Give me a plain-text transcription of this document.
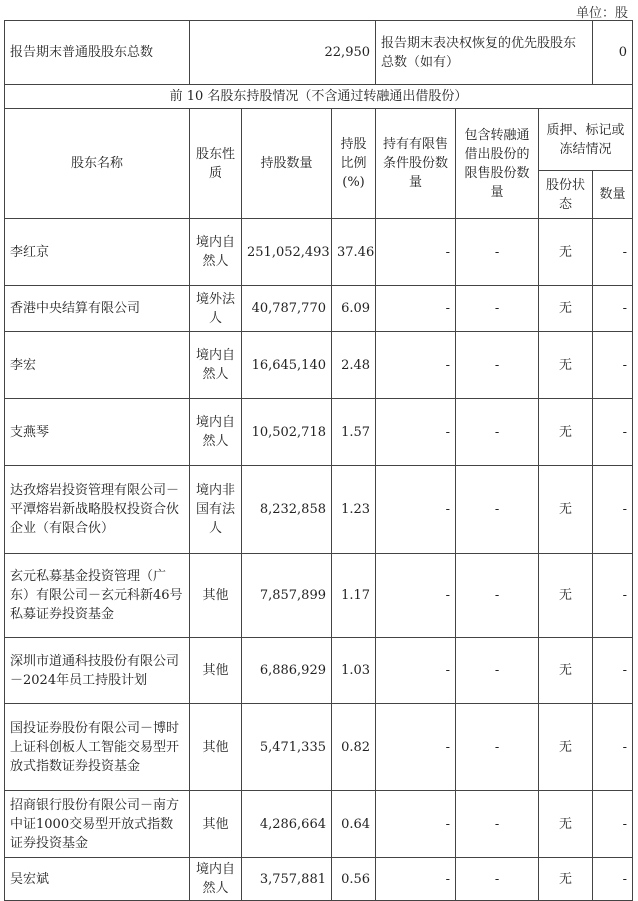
单位：股
报告期末普通股股东总数	22,950			报告期末表决权恢复的优先股股东总数（如有）			0
前 10 名股东持股情况（不含通过转融通出借股份）							
股东名称	股东性质	持股数量	持股比例(%)	持有有限售条件股份数量	包含转融通借出股份的限售股份数量	质押、标记或冻结情况	
						股份状态	数量
李红京	境内自然人	251,052,493	37.46	-	-	无	-
香港中央结算有限公司	境外法人	40,787,770	6.09	-	-	无	-
李宏	境内自然人	16,645,140	2.48	-	-	无	-
支燕琴	境内自然人	10,502,718	1.57	-	-	无	-
达孜熔岩投资管理有限公司－平潭熔岩新战略股权投资合伙企业（有限合伙）	境内非国有法人	8,232,858	1.23	-	-	无	-
玄元私募基金投资管理（广东）有限公司－玄元科新46号私募证券投资基金	其他	7,857,899	1.17	-	-	无	-
深圳市道通科技股份有限公司－2024年员工持股计划	其他	6,886,929	1.03	-	-	无	-
国投证券股份有限公司－博时上证科创板人工智能交易型开放式指数证券投资基金	其他	5,471,335	0.82	-	-	无	-
招商银行股份有限公司－南方中证1000交易型开放式指数证券投资基金	其他	4,286,664	0.64	-	-	无	-
吴宏斌	境内自然人	3,757,881	0.56	-	-	无	-
